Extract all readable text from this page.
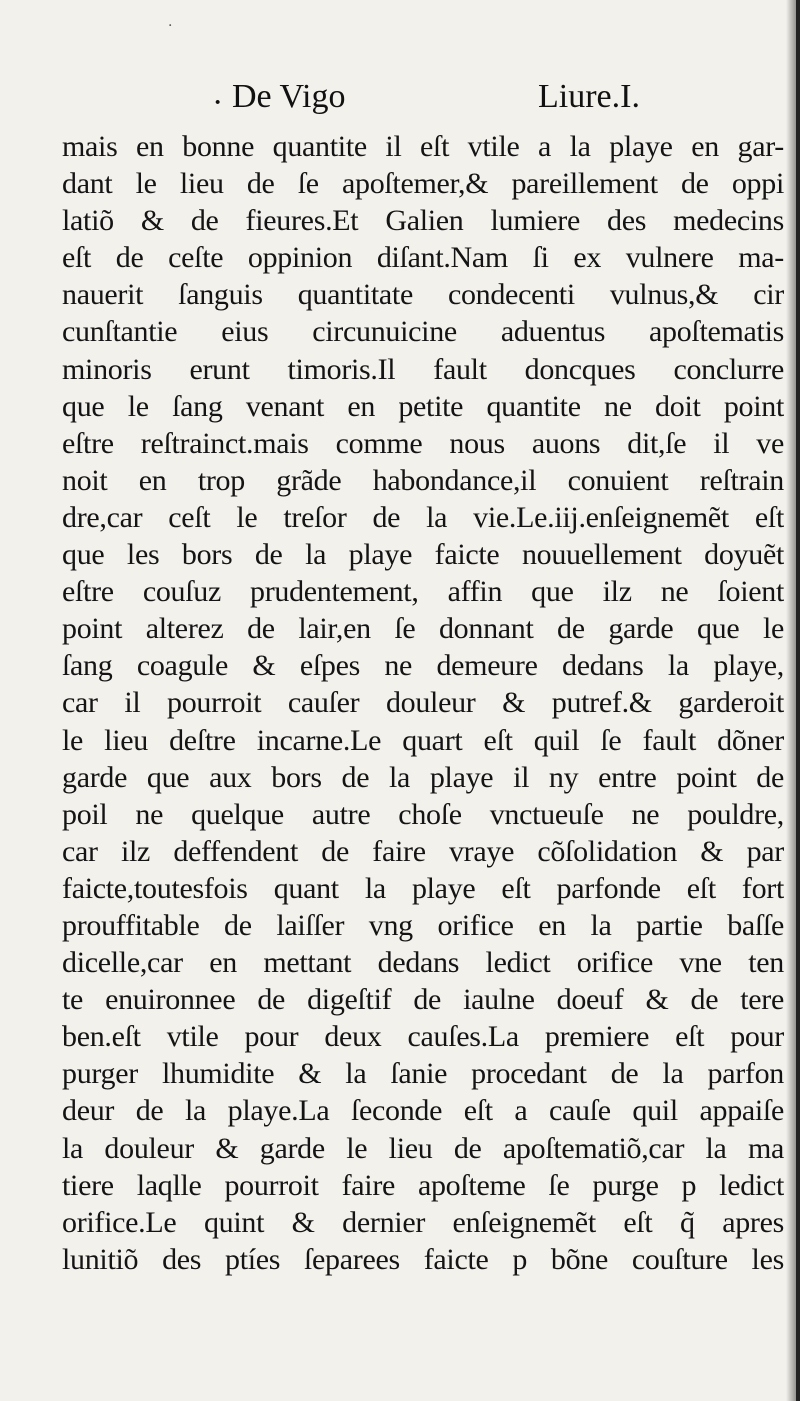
·
· De Vigo	Liure.I.
mais en bonne quantite il eſt vtile a la playe en gar-
dant le lieu de ſe apoſtemer,& pareillement de oppi
latiõ & de fieures.Et Galien lumiere des medecins
eſt de ceſte oppinion diſant.Nam ſi ex vulnere ma-
nauerit ſanguis quantitate condecenti vulnus,& cir
cunſtantie eius circunuicine aduentus apoſtematis
minoris erunt timoris.Il fault doncques conclurre
que le ſang venant en petite quantite ne doit point
eſtre reſtrainct.mais comme nous auons dit,ſe il ve
noit en trop grãde habondance,il conuient reſtrain
dre,car ceſt le treſor de la vie.Le.iij.enſeignemẽt eſt
que les bors de la playe faicte nouuellement doyuẽt
eſtre couſuz prudentement, affin que ilz ne ſoient
point alterez de lair,en ſe donnant de garde que le
ſang coagule & eſpes ne demeure dedans la playe,
car il pourroit cauſer douleur & putref.& garderoit
le lieu deſtre incarne.Le quart eſt quil ſe fault dõner
garde que aux bors de la playe il ny entre point de
poil ne quelque autre choſe vnctueuſe ne pouldre,
car ilz deffendent de faire vraye cõſolidation & par
faicte,toutesfois quant la playe eſt parfonde eſt fort
prouffitable de laiſſer vng orifice en la partie baſſe
dicelle,car en mettant dedans ledict orifice vne ten
te enuironnee de digeſtif de iaulne doeuf & de tere
ben.eſt vtile pour deux cauſes.La premiere eſt pour
purger lhumidite & la ſanie procedant de la parfon
deur de la playe.La ſeconde eſt a cauſe quil appaiſe
la douleur & garde le lieu de apoſtematiõ,car la ma
tiere laqlle pourroit faire apoſteme ſe purge p ledict
orifice.Le quint & dernier enſeignemẽt eſt q̃ apres
lunitiõ des ptíes ſeparees faicte p bõne couſture les
